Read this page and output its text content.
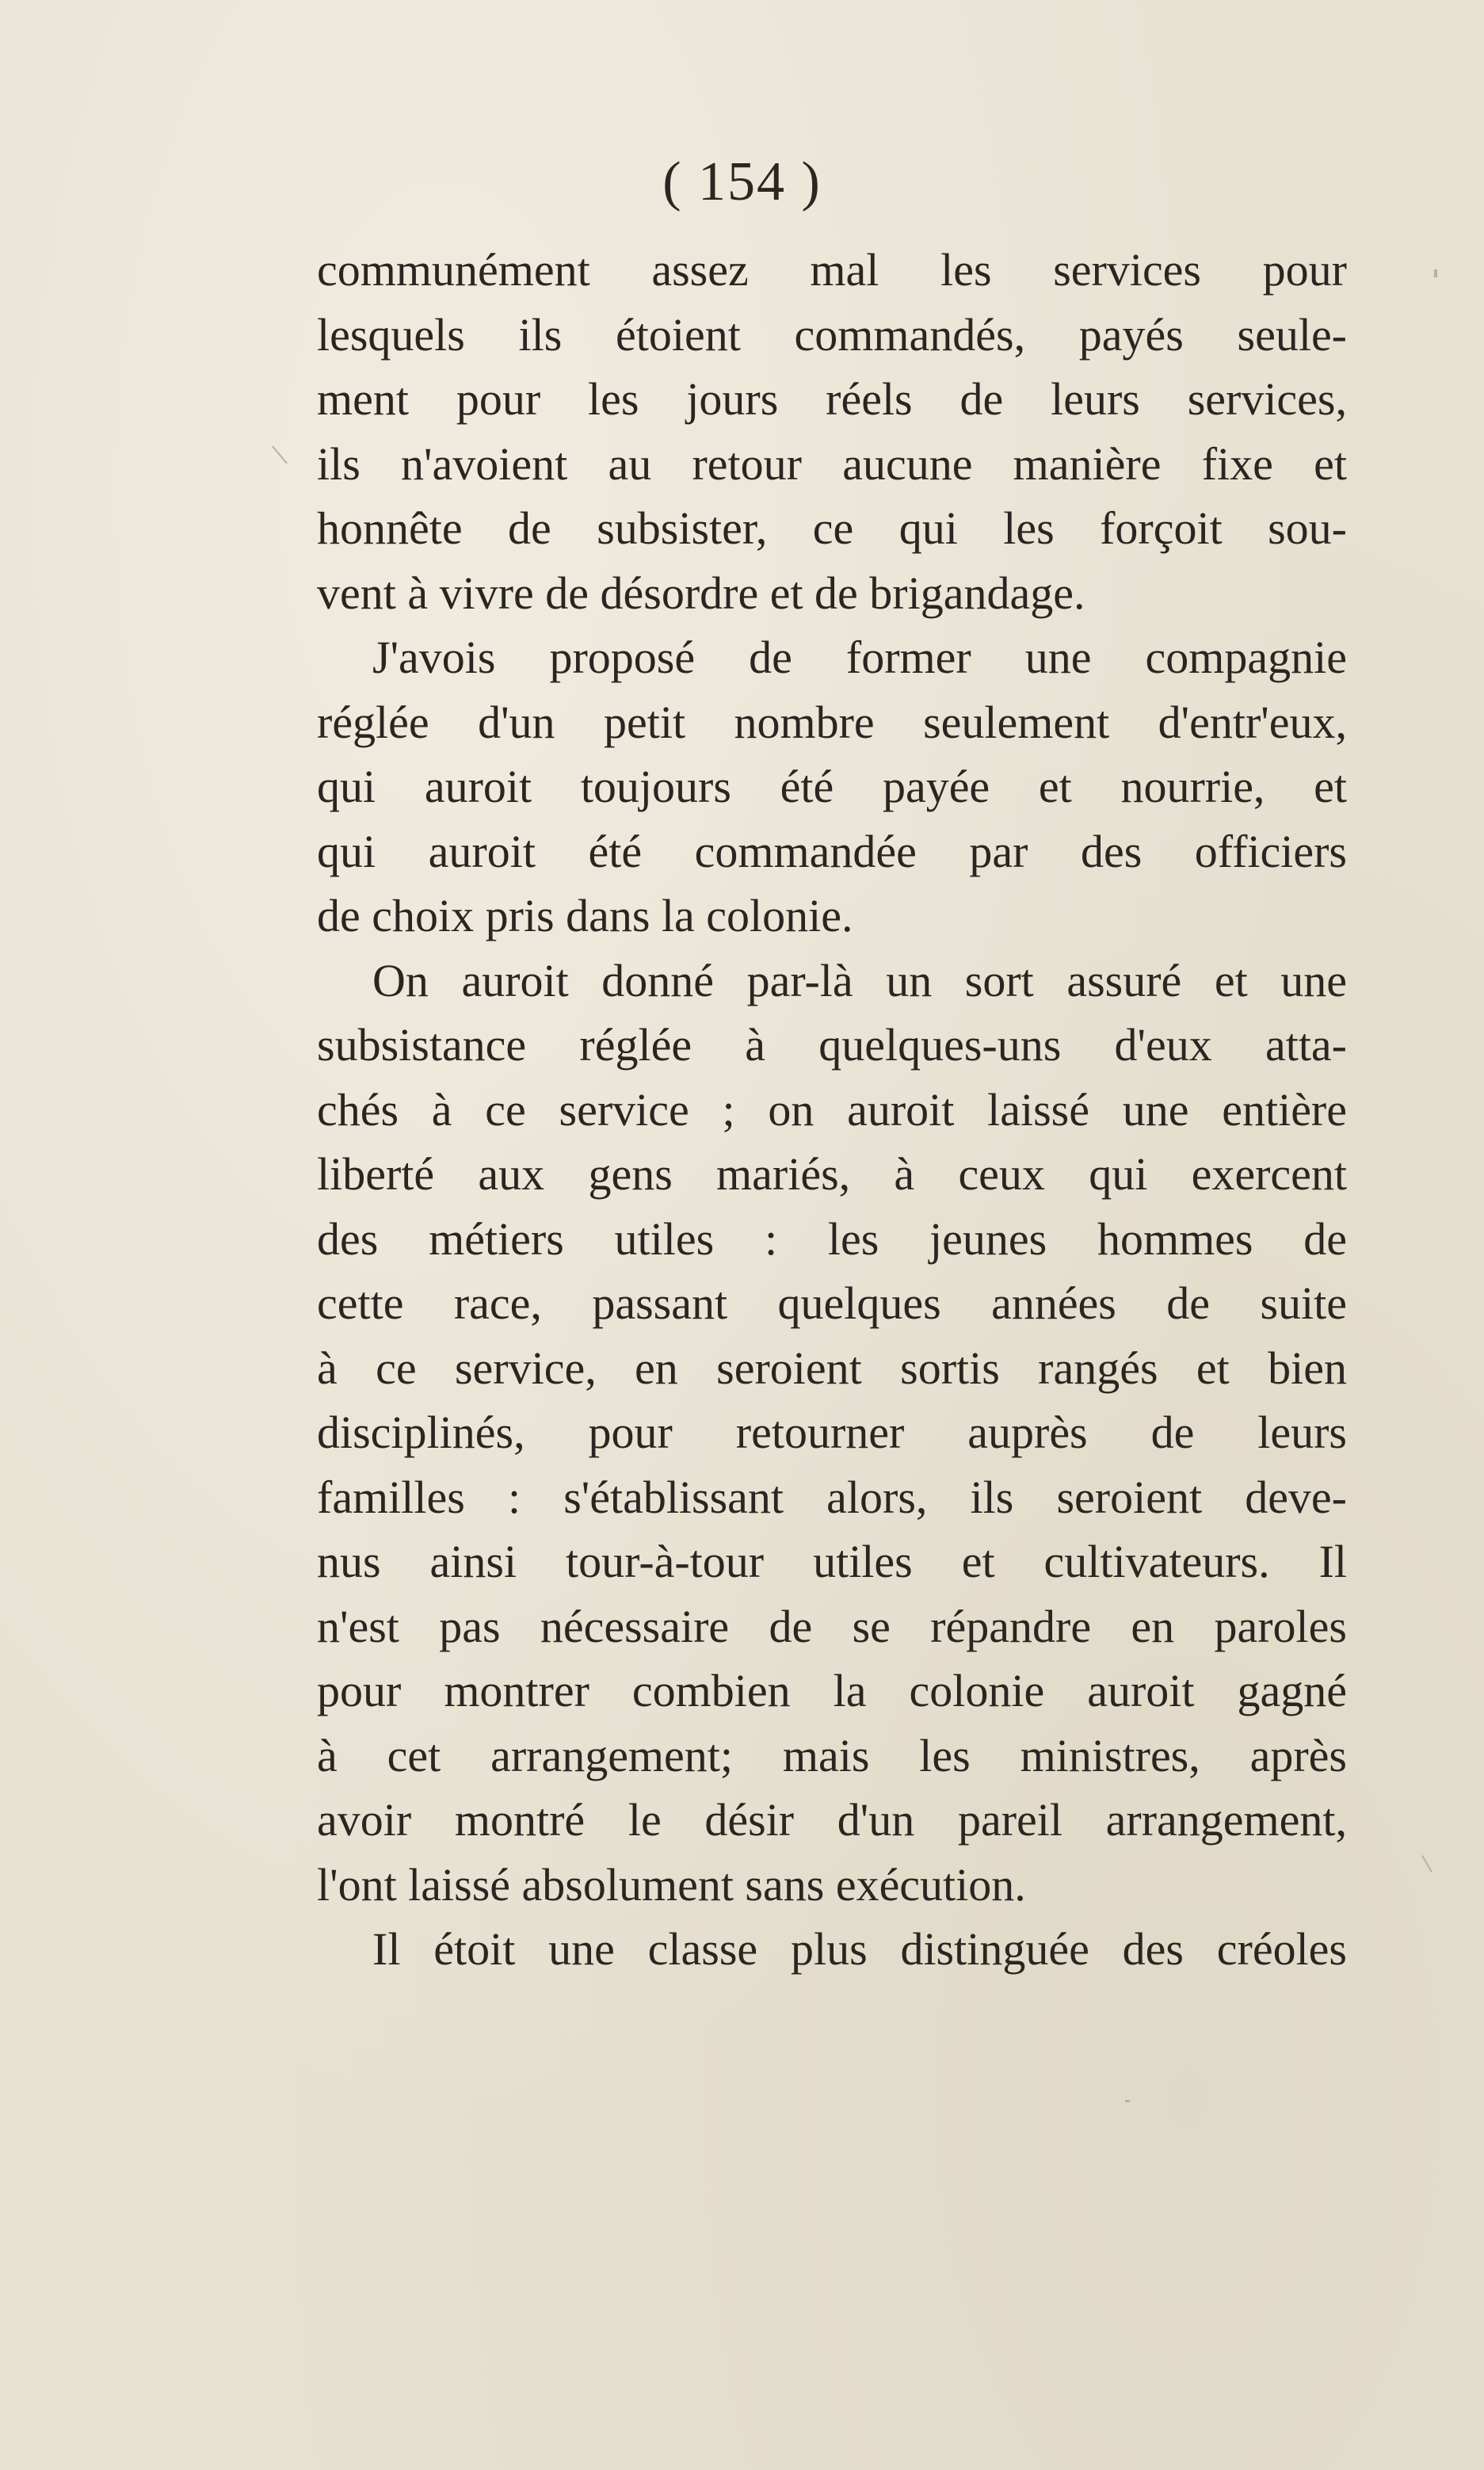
( 154 )
communément assez mal les services pour
lesquels ils étoient commandés, payés seule-
ment pour les jours réels de leurs services,
ils n'avoient au retour aucune manière fixe et
honnête de subsister, ce qui les forçoit sou-
vent à vivre de désordre et de brigandage.
J'avois proposé de former une compagnie
réglée d'un petit nombre seulement d'entr'eux,
qui auroit toujours été payée et nourrie, et
qui auroit été commandée par des officiers
de choix pris dans la colonie.
On auroit donné par-là un sort assuré et une
subsistance réglée à quelques-uns d'eux atta-
chés à ce service ; on auroit laissé une entière
liberté aux gens mariés, à ceux qui exercent
des métiers utiles : les jeunes hommes de
cette race, passant quelques années de suite
à ce service, en seroient sortis rangés et bien
disciplinés, pour retourner auprès de leurs
familles : s'établissant alors, ils seroient deve-
nus ainsi tour-à-tour utiles et cultivateurs. Il
n'est pas nécessaire de se répandre en paroles
pour montrer combien la colonie auroit gagné
à cet arrangement; mais les ministres, après
avoir montré le désir d'un pareil arrangement,
l'ont laissé absolument sans exécution.
Il étoit une classe plus distinguée des créoles
